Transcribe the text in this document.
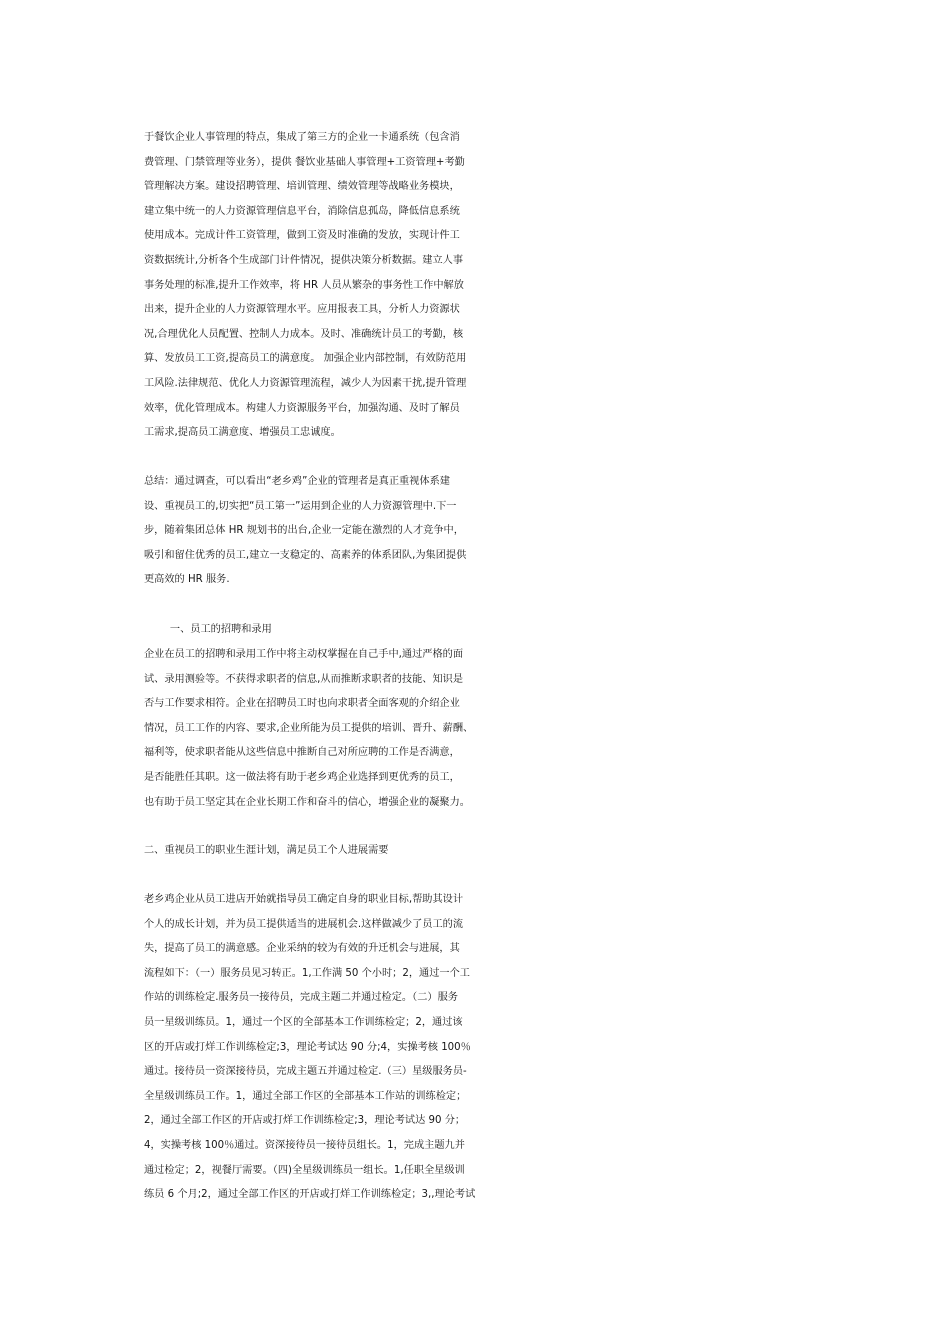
于餐饮企业人事管理的特点，集成了第三方的企业一卡通系统（包含消
费管理、门禁管理等业务），提供 餐饮业基础人事管理+工资管理+考勤
管理解决方案。建设招聘管理、培训管理、绩效管理等战略业务模块，
建立集中统一的人力资源管理信息平台，消除信息孤岛，降低信息系统
使用成本。完成计件工资管理，做到工资及时准确的发放，实现计件工
资数据统计,分析各个生成部门计件情况，提供决策分析数据。建立人事
事务处理的标准,提升工作效率，将 HR 人员从繁杂的事务性工作中解放
出来，提升企业的人力资源管理水平。应用报表工具，分析人力资源状
况,合理优化人员配置、控制人力成本。及时、准确统计员工的考勤，核
算、发放员工工资,提高员工的满意度。 加强企业内部控制，有效防范用
工风险.法律规范、优化人力资源管理流程，减少人为因素干扰,提升管理
效率，优化管理成本。构建人力资源服务平台，加强沟通、及时了解员
工需求,提高员工满意度、增强员工忠诚度。

总结：通过调查，可以看出“老乡鸡”企业的管理者是真正重视体系建
设、重视员工的,切实把“员工第一”运用到企业的人力资源管理中.下一
步，随着集团总体 HR 规划书的出台,企业一定能在激烈的人才竞争中，
吸引和留住优秀的员工,建立一支稳定的、高素养的体系团队,为集团提供
更高效的 HR 服务.

一、员工的招聘和录用

企业在员工的招聘和录用工作中将主动权掌握在自己手中,通过严格的面
试、录用测验等。不获得求职者的信息,从而推断求职者的技能、知识是
否与工作要求相符。企业在招聘员工时也向求职者全面客观的介绍企业
情况，员工工作的内容、要求,企业所能为员工提供的培训、晋升、薪酬、
福利等，使求职者能从这些信息中推断自己对所应聘的工作是否满意，
是否能胜任其职。这一做法将有助于老乡鸡企业选择到更优秀的员工，
也有助于员工坚定其在企业长期工作和奋斗的信心，增强企业的凝聚力。

二、重视员工的职业生涯计划，满足员工个人进展需要

老乡鸡企业从员工进店开始就指导员工确定自身的职业目标,帮助其设计
个人的成长计划，并为员工提供适当的进展机会.这样做减少了员工的流
失，提高了员工的满意感。企业采纳的较为有效的升迁机会与进展，其
流程如下：（一）服务员见习转正。1,工作满 50 个小时；2，通过一个工
作站的训练检定.服务员一接待员，完成主题二并通过检定。（二）服务
员一星级训练员。1，通过一个区的全部基本工作训练检定；2，通过该
区的开店或打烊工作训练检定;3，理论考试达 90 分;4，实操考核 100％
通过。接待员一资深接待员，完成主题五并通过检定.（三）星级服务员-
全星级训练员工作。1，通过全部工作区的全部基本工作站的训练检定；
2，通过全部工作区的开店或打烊工作训练检定;3，理论考试达 90 分；
4，实操考核 100％通过。资深接待员一接待员组长。1，完成主题九并
通过检定；2，视餐厅需要。（四)全星级训练员一组长。1,任职全星级训
练员 6 个月;2，通过全部工作区的开店或打烊工作训练检定；3,,理论考试
